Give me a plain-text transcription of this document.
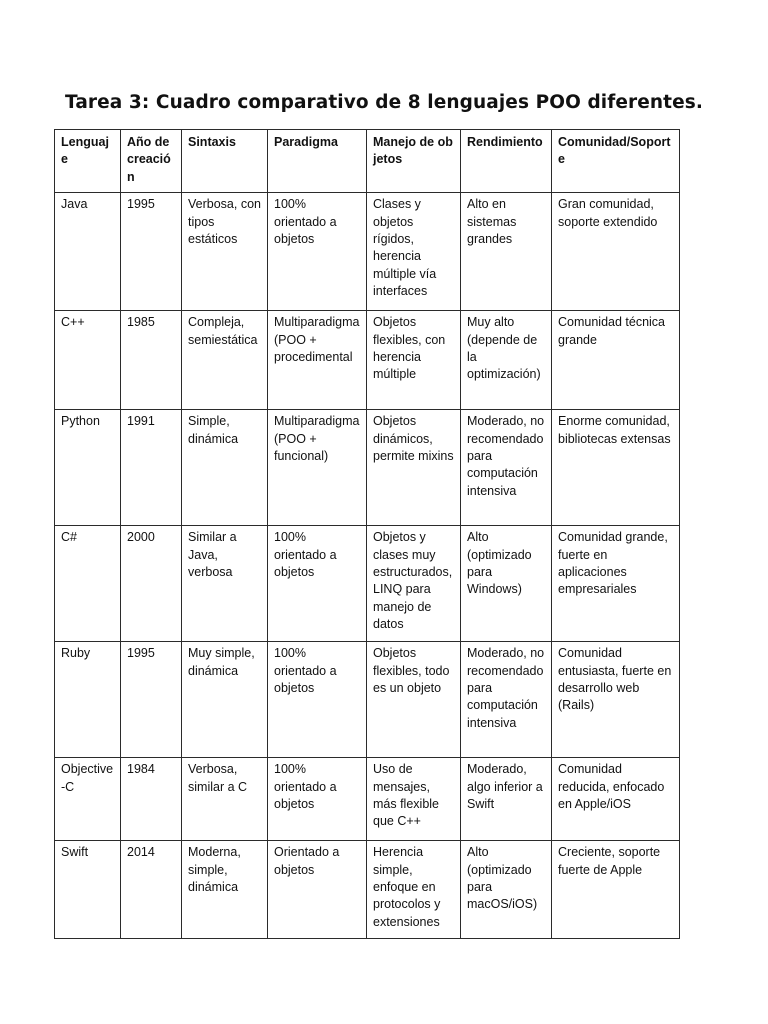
Tarea 3: Cuadro comparativo de 8 lenguajes POO diferentes.
Lenguaje	Año de creación	Sintaxis	Paradigma	Manejo de objetos	Rendimiento	Comunidad/Soporte
Java	1995	Verbosa, con tipos estáticos	100% orientado a objetos	Clases y objetos rígidos, herencia múltiple vía interfaces	Alto en sistemas grandes	Gran comunidad, soporte extendido
C++	1985	Compleja, semiestática	Multiparadigma (POO + procedimental	Objetos flexibles, con herencia múltiple	Muy alto (depende de la optimización)	Comunidad técnica grande
Python	1991	Simple, dinámica	Multiparadigma (POO + funcional)	Objetos dinámicos, permite mixins	Moderado, no recomendado para computación intensiva	Enorme comunidad, bibliotecas extensas
C#	2000	Similar a Java, verbosa	100% orientado a objetos	Objetos y clases muy estructurados, LINQ para manejo de datos	Alto (optimizado para Windows)	Comunidad grande, fuerte en aplicaciones empresariales
Ruby	1995	Muy simple, dinámica	100% orientado a objetos	Objetos flexibles, todo es un objeto	Moderado, no recomendado para computación intensiva	Comunidad entusiasta, fuerte en desarrollo web (Rails)
Objective-C	1984	Verbosa, similar a C	100% orientado a objetos	Uso de mensajes, más flexible que C++	Moderado, algo inferior a Swift	Comunidad reducida, enfocado en Apple/iOS
Swift	2014	Moderna, simple, dinámica	Orientado a objetos	Herencia simple, enfoque en protocolos y extensiones	Alto (optimizado para macOS/iOS)	Creciente, soporte fuerte de Apple
